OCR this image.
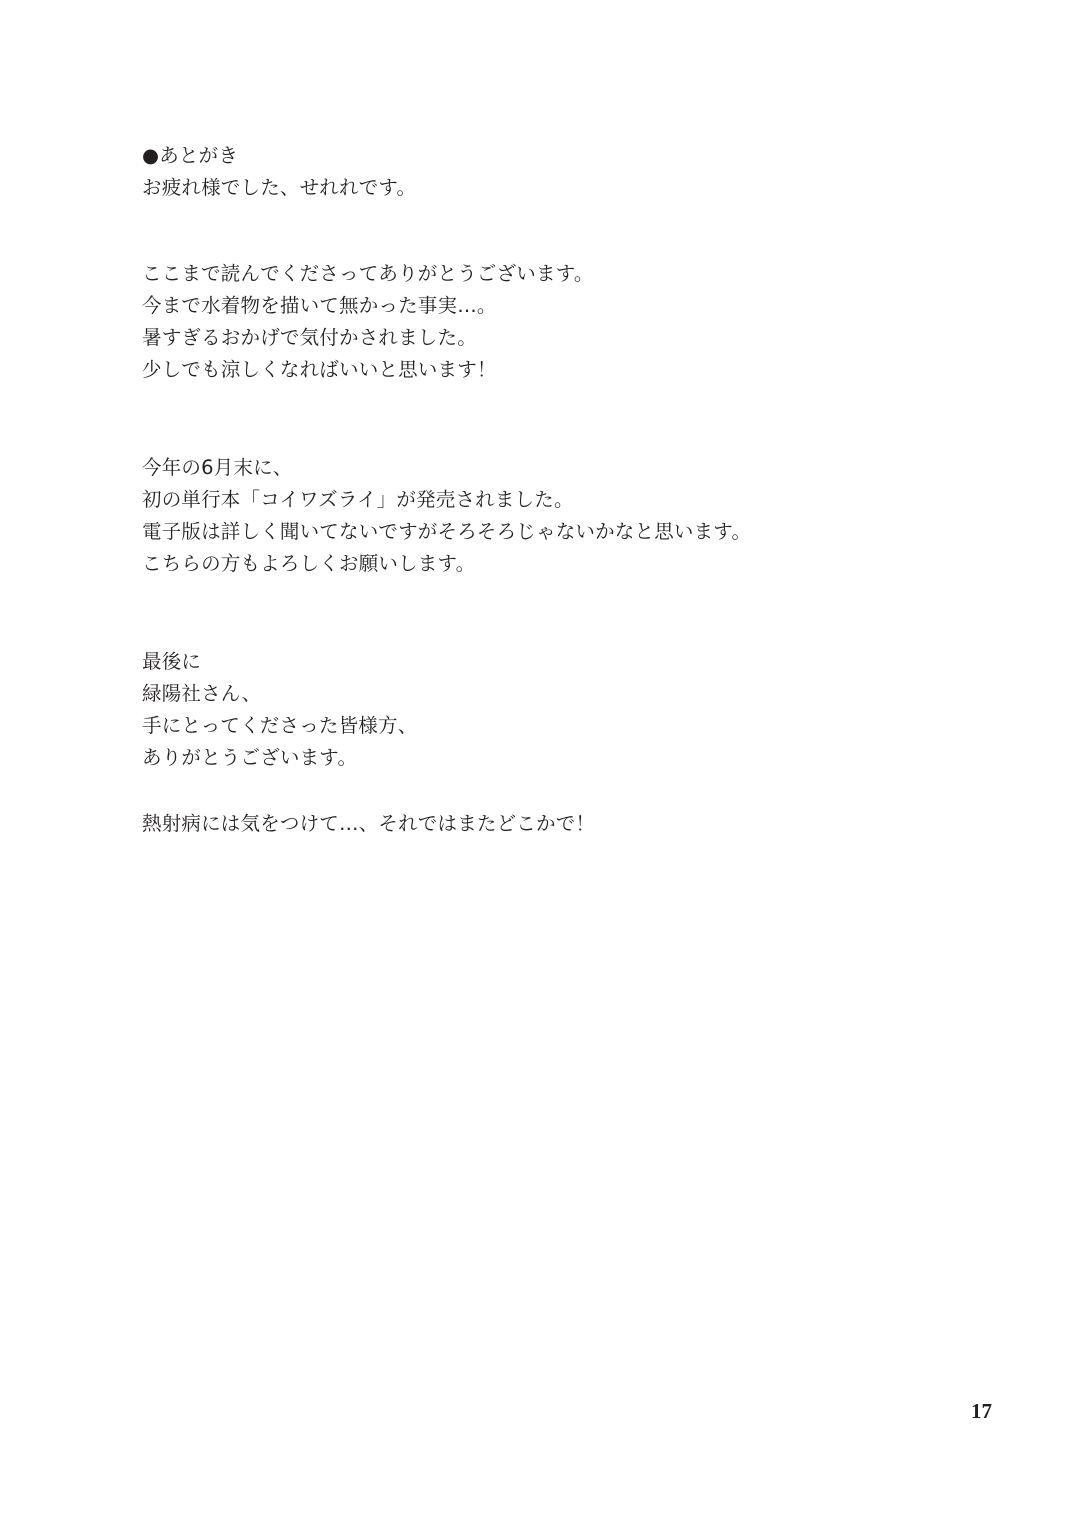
●あとがき
お疲れ様でした、せれれです。
ここまで読んでくださってありがとうございます。
今まで水着物を描いて無かった事実…。
暑すぎるおかげで気付かされました。
少しでも涼しくなればいいと思います！
今年の6月末に、
初の単行本「コイワズライ」が発売されました。
電子版は詳しく聞いてないですがそろそろじゃないかなと思います。
こちらの方もよろしくお願いします。
最後に
緑陽社さん、
手にとってくださった皆様方、
ありがとうございます。
熱射病には気をつけて…、それではまたどこかで！
17
